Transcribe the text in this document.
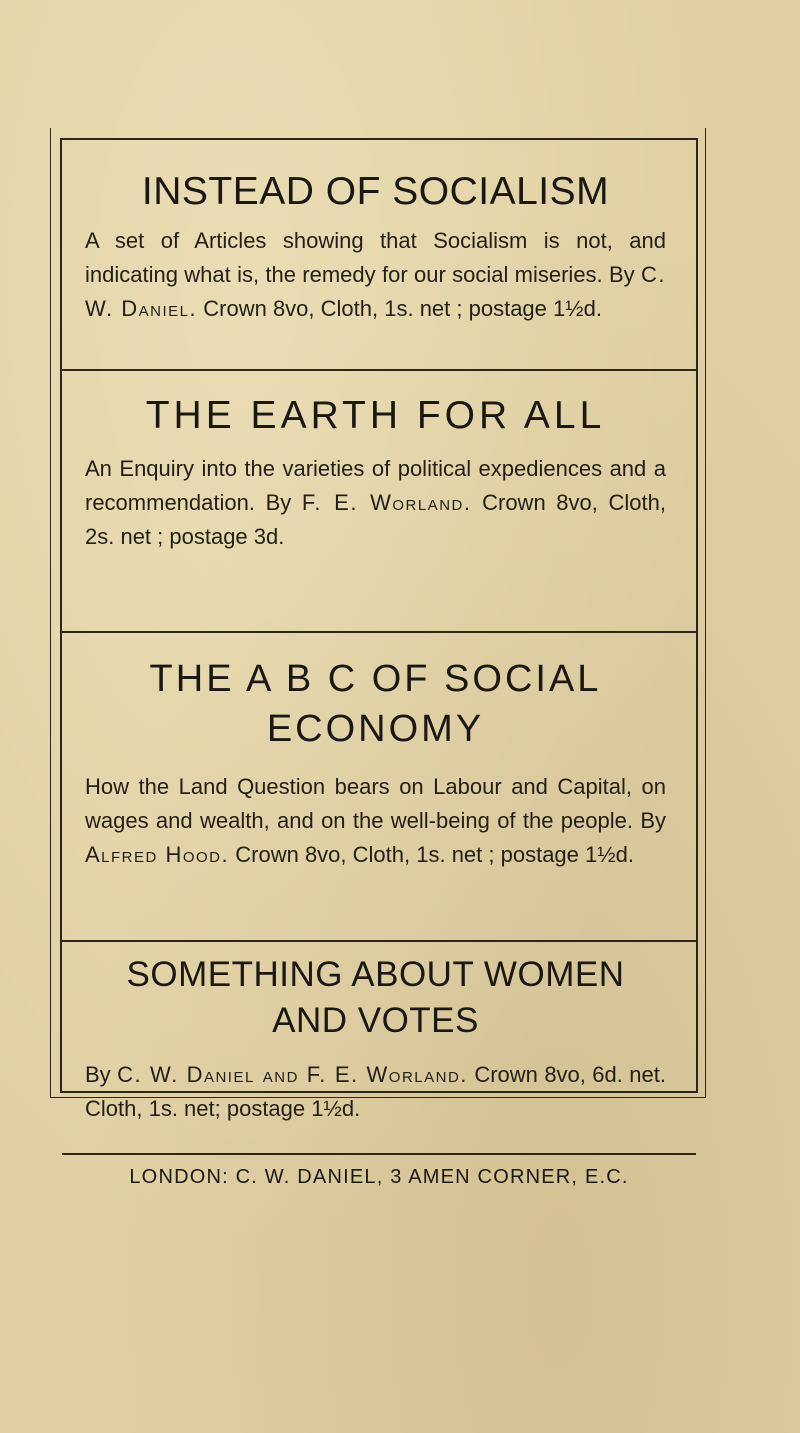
INSTEAD OF SOCIALISM

A set of Articles showing that Socialism is not, and indicating what is, the remedy for our social miseries. By C. W. Daniel. Crown 8vo, Cloth, 1s. net ; postage 1½d.

THE EARTH FOR ALL

An Enquiry into the varieties of political expediences and a recommendation. By F. E. Worland. Crown 8vo, Cloth, 2s. net ; postage 3d.

THE A B C OF SOCIAL
ECONOMY

How the Land Question bears on Labour and Capital, on wages and wealth, and on the well-being of the people. By Alfred Hood. Crown 8vo, Cloth, 1s. net ; postage 1½d.

SOMETHING ABOUT WOMEN
AND VOTES

By C. W. Daniel and F. E. Worland. Crown 8vo, 6d. net. Cloth, 1s. net; postage 1½d.

LONDON: C. W. DANIEL, 3 AMEN CORNER, E.C.
